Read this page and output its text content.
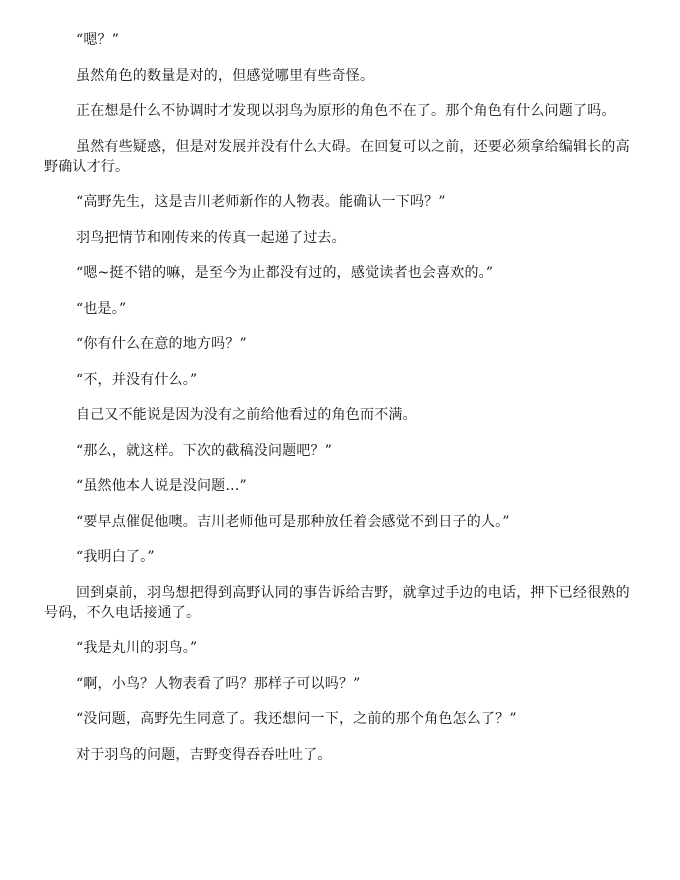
“嗯？”

虽然角色的数量是对的，但感觉哪里有些奇怪。

正在想是什么不协调时才发现以羽鸟为原形的角色不在了。那个角色有什么问题了吗。

虽然有些疑惑，但是对发展并没有什么大碍。在回复可以之前，还要必须拿给编辑长的高野确认才行。

“高野先生，这是吉川老师新作的人物表。能确认一下吗？”

羽鸟把情节和刚传来的传真一起递了过去。

“嗯~挺不错的嘛，是至今为止都没有过的，感觉读者也会喜欢的。”

“也是。”

“你有什么在意的地方吗？”

“不，并没有什么。”

自己又不能说是因为没有之前给他看过的角色而不满。

“那么，就这样。下次的截稿没问题吧？”

“虽然他本人说是没问题…”

“要早点催促他噢。吉川老师他可是那种放任着会感觉不到日子的人。”

“我明白了。”

回到桌前，羽鸟想把得到高野认同的事告诉给吉野，就拿过手边的电话，押下已经很熟的号码，不久电话接通了。

“我是丸川的羽鸟。”

“啊，小鸟？人物表看了吗？那样子可以吗？”

“没问题，高野先生同意了。我还想问一下，之前的那个角色怎么了？”

对于羽鸟的问题，吉野变得吞吞吐吐了。
